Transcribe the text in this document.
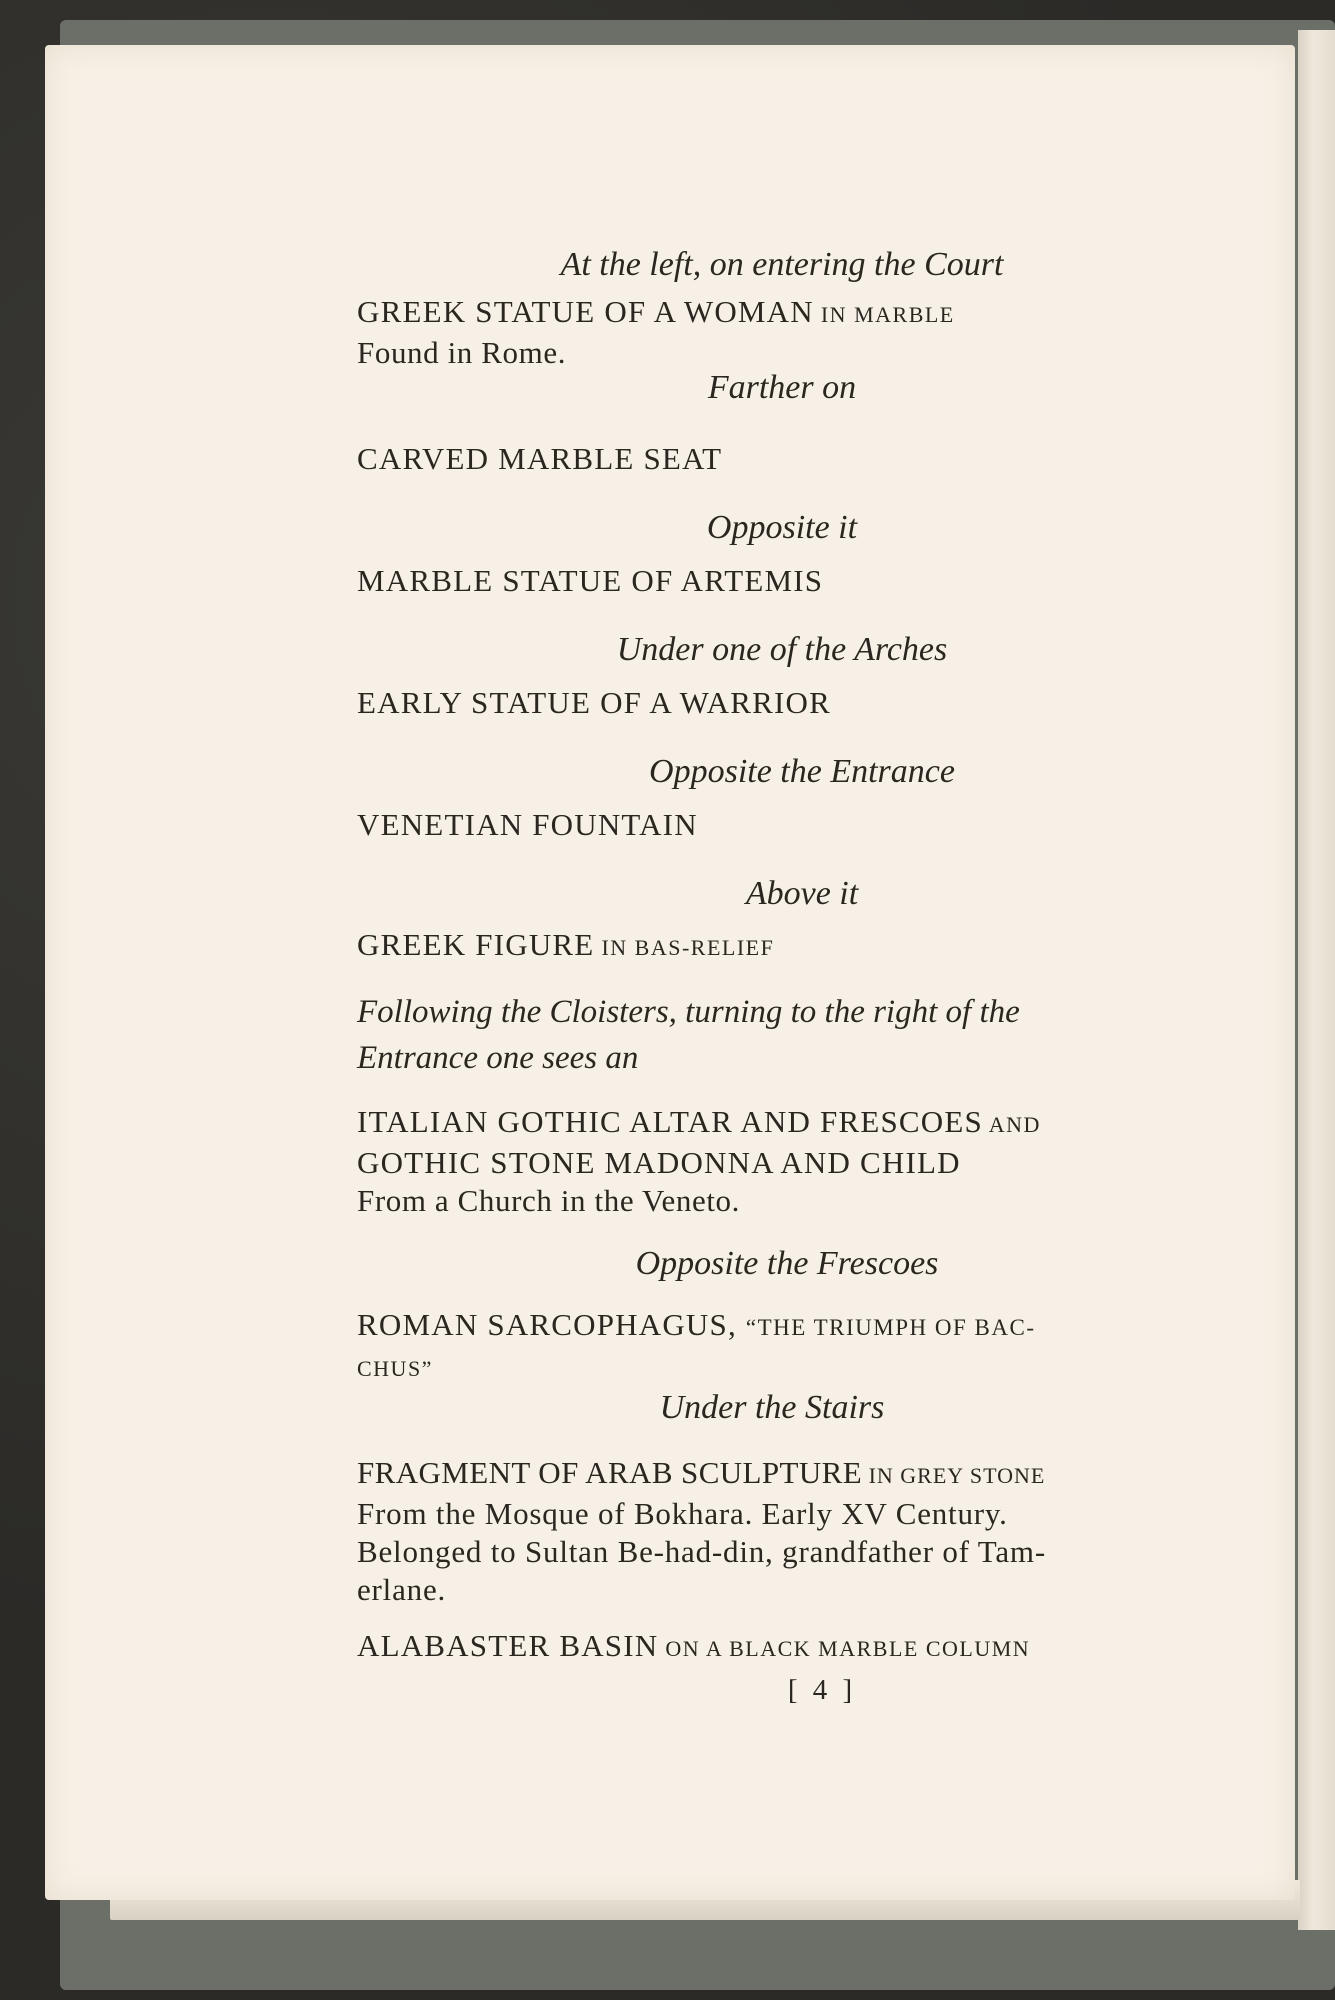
At the left, on entering the Court

GREEK STATUE OF A WOMAN IN MARBLE

Found in Rome.

Farther on

CARVED MARBLE SEAT

Opposite it

MARBLE STATUE OF ARTEMIS

Under one of the Arches

EARLY STATUE OF A WARRIOR

Opposite the Entrance

VENETIAN FOUNTAIN

Above it

GREEK FIGURE IN BAS-RELIEF

Following the Cloisters, turning to the right of the
Entrance one sees an

ITALIAN GOTHIC ALTAR AND FRESCOES AND
GOTHIC STONE MADONNA AND CHILD

From a Church in the Veneto.

Opposite the Frescoes

ROMAN SARCOPHAGUS, “THE TRIUMPH OF BAC-
CHUS”

Under the Stairs

FRAGMENT OF ARAB SCULPTURE IN GREY STONE

From the Mosque of Bokhara. Early XV Century.
Belonged to Sultan Be-had-din, grandfather of Tam-
erlane.

ALABASTER BASIN ON A BLACK MARBLE COLUMN

[ 4 ]
